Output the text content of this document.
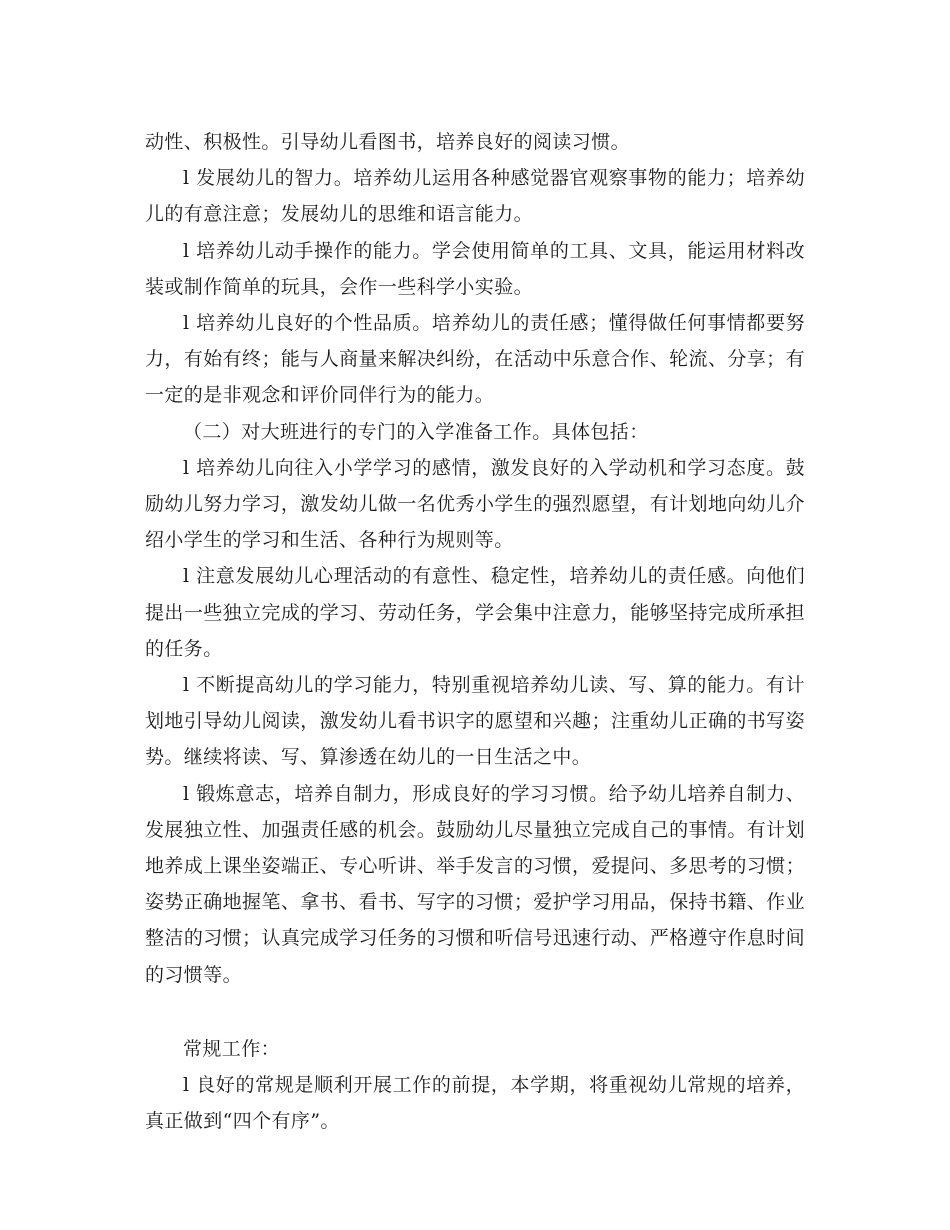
动性、积极性。引导幼儿看图书，培养良好的阅读习惯。

l 发展幼儿的智力。培养幼儿运用各种感觉器官观察事物的能力；培养幼儿的有意注意；发展幼儿的思维和语言能力。

l 培养幼儿动手操作的能力。学会使用简单的工具、文具，能运用材料改装或制作简单的玩具，会作一些科学小实验。

l 培养幼儿良好的个性品质。培养幼儿的责任感；懂得做任何事情都要努力，有始有终；能与人商量来解决纠纷，在活动中乐意合作、轮流、分享；有一定的是非观念和评价同伴行为的能力。

（二）对大班进行的专门的入学准备工作。具体包括：

l 培养幼儿向往入小学学习的感情，激发良好的入学动机和学习态度。鼓励幼儿努力学习，激发幼儿做一名优秀小学生的强烈愿望，有计划地向幼儿介绍小学生的学习和生活、各种行为规则等。

l 注意发展幼儿心理活动的有意性、稳定性，培养幼儿的责任感。向他们提出一些独立完成的学习、劳动任务，学会集中注意力，能够坚持完成所承担的任务。

l 不断提高幼儿的学习能力，特别重视培养幼儿读、写、算的能力。有计划地引导幼儿阅读，激发幼儿看书识字的愿望和兴趣；注重幼儿正确的书写姿势。继续将读、写、算渗透在幼儿的一日生活之中。

l 锻炼意志，培养自制力，形成良好的学习习惯。给予幼儿培养自制力、发展独立性、加强责任感的机会。鼓励幼儿尽量独立完成自己的事情。有计划地养成上课坐姿端正、专心听讲、举手发言的习惯，爱提问、多思考的习惯；姿势正确地握笔、拿书、看书、写字的习惯；爱护学习用品，保持书籍、作业整洁的习惯；认真完成学习任务的习惯和听信号迅速行动、严格遵守作息时间的习惯等。

常规工作：

l 良好的常规是顺利开展工作的前提，本学期，将重视幼儿常规的培养，真正做到“四个有序”。
